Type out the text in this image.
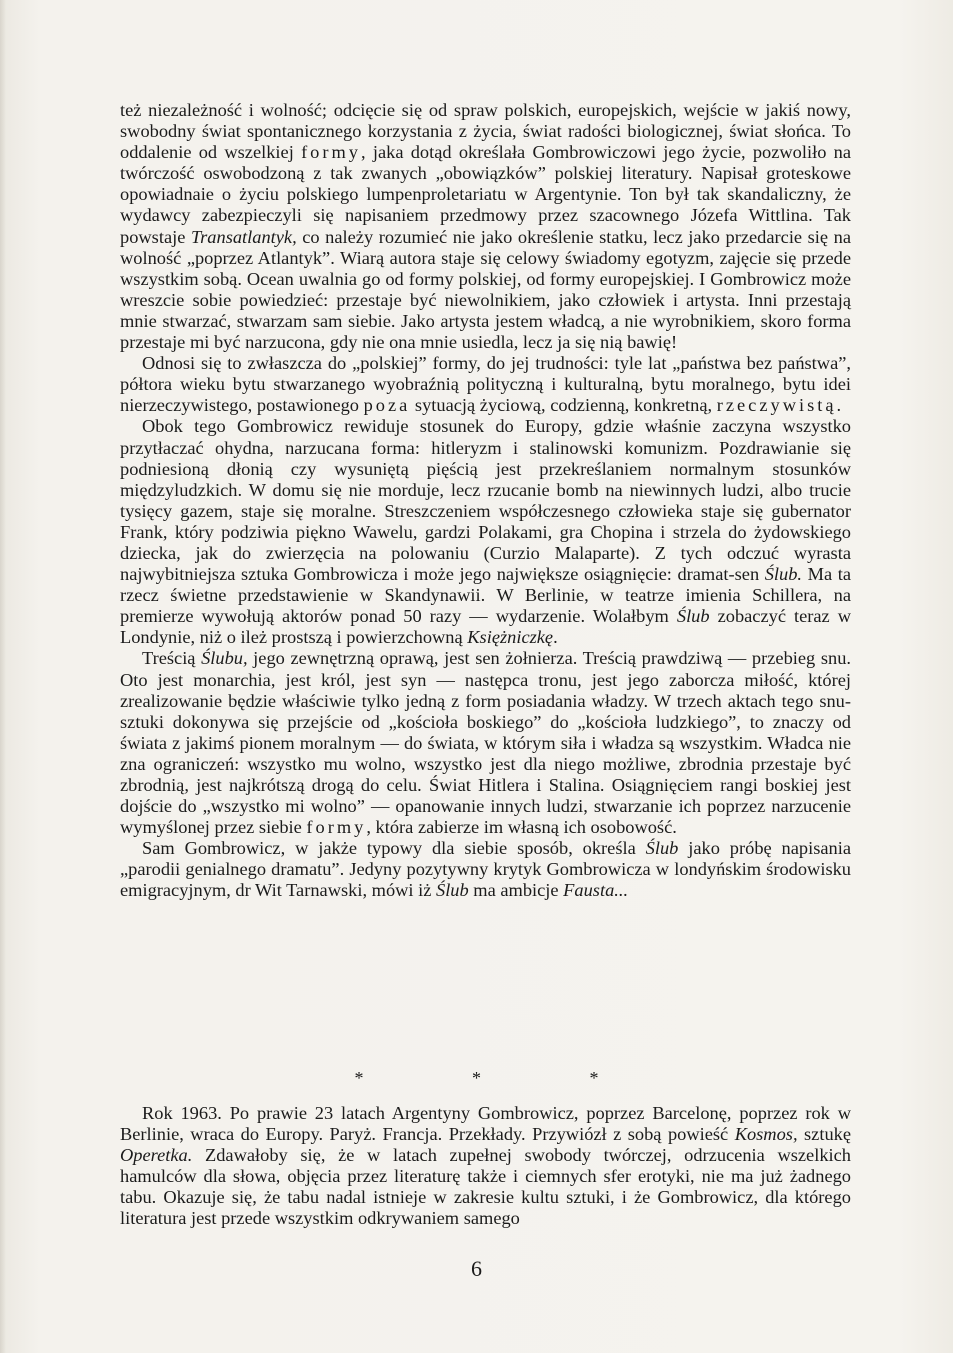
też niezależność i wolność; odcięcie się od spraw polskich, europejskich, wejście w jakiś nowy, swobodny świat spontanicznego korzystania z życia, świat radości biologicznej, świat słońca. To oddalenie od wszelkiej formy, jaka dotąd określała Gombrowiczowi jego życie, pozwoliło na twórczość oswobodzoną z tak zwanych „obowiązków” polskiej literatury. Napisał groteskowe opowiadnaie o życiu polskiego lumpenproletariatu w Argentynie. Ton był tak skandaliczny, że wydawcy zabezpieczyli się napisaniem przedmowy przez szacownego Józefa Wittlina. Tak powstaje Transatlantyk, co należy rozumieć nie jako określenie statku, lecz jako przedarcie się na wolność „poprzez Atlantyk”. Wiarą autora staje się celowy świadomy egotyzm, zajęcie się przede wszystkim sobą. Ocean uwalnia go od formy polskiej, od formy europejskiej. I Gombrowicz może wreszcie sobie powiedzieć: przestaje być niewolnikiem, jako człowiek i artysta. Inni przestają mnie stwarzać, stwarzam sam siebie. Jako artysta jestem władcą, a nie wyrobnikiem, skoro forma przestaje mi być narzucona, gdy nie ona mnie usiedla, lecz ja się nią bawię!

Odnosi się to zwłaszcza do „polskiej” formy, do jej trudności: tyle lat „państwa bez państwa”, półtora wieku bytu stwarzanego wyobraźnią polityczną i kulturalną, bytu moralnego, bytu idei nierzeczywistego, postawionego poza sytuacją życiową, codzienną, konkretną, rzeczywistą.

Obok tego Gombrowicz rewiduje stosunek do Europy, gdzie właśnie zaczyna wszystko przytłaczać ohydna, narzucana forma: hitleryzm i stalinowski komunizm. Pozdrawianie się podniesioną dłonią czy wysuniętą pięścią jest przekreślaniem normalnym stosunków międzyludzkich. W domu się nie morduje, lecz rzucanie bomb na niewinnych ludzi, albo trucie tysięcy gazem, staje się moralne. Streszczeniem współczesnego człowieka staje się gubernator Frank, który podziwia piękno Wawelu, gardzi Polakami, gra Chopina i strzela do żydowskiego dziecka, jak do zwierzęcia na polowaniu (Curzio Malaparte). Z tych odczuć wyrasta najwybitniejsza sztuka Gombrowicza i może jego największe osiągnięcie: dramat-sen Ślub. Ma ta rzecz świetne przedstawienie w Skandynawii. W Berlinie, w teatrze imienia Schillera, na premierze wywołują aktorów ponad 50 razy — wydarzenie. Wolałbym Ślub zobaczyć teraz w Londynie, niż o ileż prostszą i powierzchowną Księżniczkę.

Treścią Ślubu, jego zewnętrzną oprawą, jest sen żołnierza. Treścią prawdziwą — przebieg snu. Oto jest monarchia, jest król, jest syn — następca tronu, jest jego zaborcza miłość, której zrealizowanie będzie właściwie tylko jedną z form posiadania władzy. W trzech aktach tego snu-sztuki dokonywa się przejście od „kościoła boskiego” do „kościoła ludzkiego”, to znaczy od świata z jakimś pionem moralnym — do świata, w którym siła i władza są wszystkim. Władca nie zna ograniczeń: wszystko mu wolno, wszystko jest dla niego możliwe, zbrodnia przestaje być zbrodnią, jest najkrótszą drogą do celu. Świat Hitlera i Stalina. Osiągnięciem rangi boskiej jest dojście do „wszystko mi wolno” — opanowanie innych ludzi, stwarzanie ich poprzez narzucenie wymyślonej przez siebie formy, która zabierze im własną ich osobowość.

Sam Gombrowicz, w jakże typowy dla siebie sposób, określa Ślub jako próbę napisania „parodii genialnego dramatu”. Jedyny pozytywny krytyk Gombrowicza w londyńskim środowisku emigracyjnym, dr Wit Tarnawski, mówi iż Ślub ma ambicje Fausta...

* * *

Rok 1963. Po prawie 23 latach Argentyny Gombrowicz, poprzez Barcelonę, poprzez rok w Berlinie, wraca do Europy. Paryż. Francja. Przekłady. Przywiózł z sobą powieść Kosmos, sztukę Operetka. Zdawałoby się, że w latach zupełnej swobody twórczej, odrzucenia wszelkich hamulców dla słowa, objęcia przez literaturę także i ciemnych sfer erotyki, nie ma już żadnego tabu. Okazuje się, że tabu nadal istnieje w zakresie kultu sztuki, i że Gombrowicz, dla którego literatura jest przede wszystkim odkrywaniem samego

6
